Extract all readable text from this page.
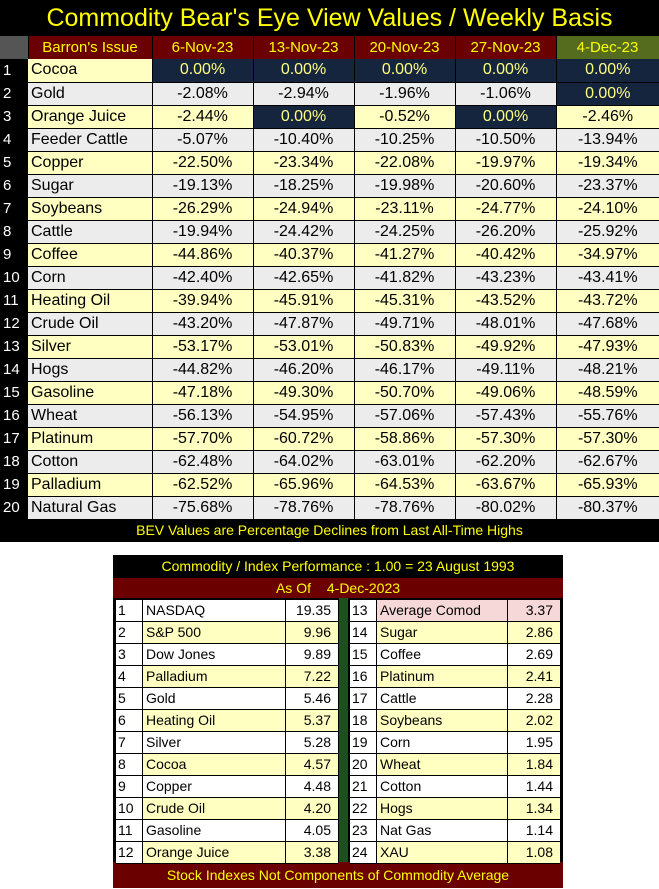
Commodity Bear's Eye View Values / Weekly Basis
	Barron's Issue	6-Nov-23	13-Nov-23	20-Nov-23	27-Nov-23	4-Dec-23
1	Cocoa	0.00%	0.00%	0.00%	0.00%	0.00%
2	Gold	-2.08%	-2.94%	-1.96%	-1.06%	0.00%
3	Orange Juice	-2.44%	0.00%	-0.52%	0.00%	-2.46%
4	Feeder Cattle	-5.07%	-10.40%	-10.25%	-10.50%	-13.94%
5	Copper	-22.50%	-23.34%	-22.08%	-19.97%	-19.34%
6	Sugar	-19.13%	-18.25%	-19.98%	-20.60%	-23.37%
7	Soybeans	-26.29%	-24.94%	-23.11%	-24.77%	-24.10%
8	Cattle	-19.94%	-24.42%	-24.25%	-26.20%	-25.92%
9	Coffee	-44.86%	-40.37%	-41.27%	-40.42%	-34.97%
10	Corn	-42.40%	-42.65%	-41.82%	-43.23%	-43.41%
11	Heating Oil	-39.94%	-45.91%	-45.31%	-43.52%	-43.72%
12	Crude Oil	-43.20%	-47.87%	-49.71%	-48.01%	-47.68%
13	Silver	-53.17%	-53.01%	-50.83%	-49.92%	-47.93%
14	Hogs	-44.82%	-46.20%	-46.17%	-49.11%	-48.21%
15	Gasoline	-47.18%	-49.30%	-50.70%	-49.06%	-48.59%
16	Wheat	-56.13%	-54.95%	-57.06%	-57.43%	-55.76%
17	Platinum	-57.70%	-60.72%	-58.86%	-57.30%	-57.30%
18	Cotton	-62.48%	-64.02%	-63.01%	-62.20%	-62.67%
19	Palladium	-62.52%	-65.96%	-64.53%	-63.67%	-65.93%
20	Natural Gas	-75.68%	-78.76%	-78.76%	-80.02%	-80.37%
BEV Values are Percentage Declines from Last All-Time Highs
Commodity / Index Performance : 1.00 = 23 August 1993
As Of 4-Dec-2023
1	NASDAQ	19.35
2	S&P 500	9.96
3	Dow Jones	9.89
4	Palladium	7.22
5	Gold	5.46
6	Heating Oil	5.37
7	Silver	5.28
8	Cocoa	4.57
9	Copper	4.48
10 Crude Oil	4.20
11 Gasoline	4.05
12 Orange Juice	3.38
13 Average Comod	3.37
14 Sugar	2.86
15 Coffee	2.69
16 Platinum	2.41
17 Cattle	2.28
18 Soybeans	2.02
19 Corn	1.95
20 Wheat	1.84
21 Cotton	1.44
22 Hogs	1.34
23 Nat Gas	1.14
24 XAU	1.08
Stock Indexes Not Components of Commodity Average
